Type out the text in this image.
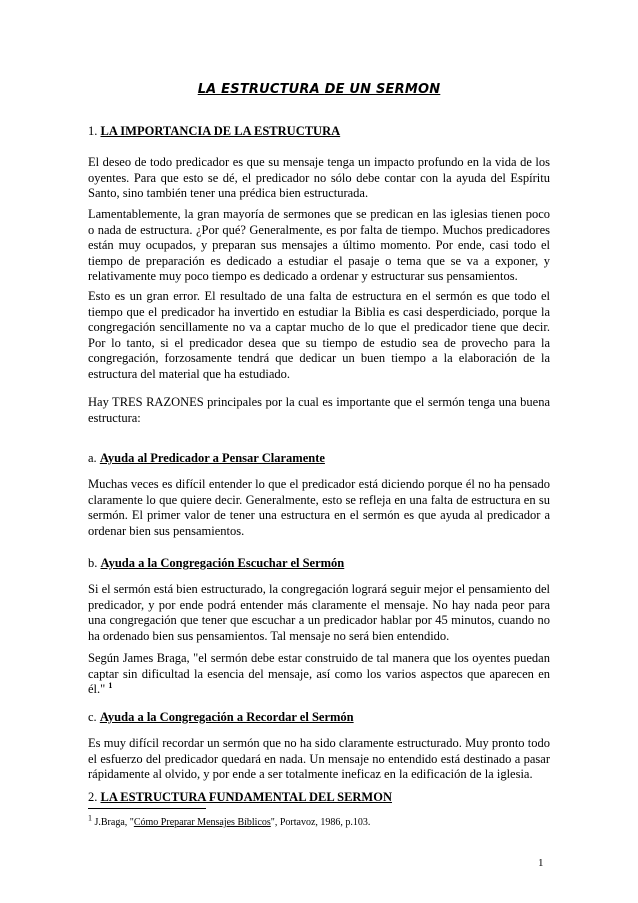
LA ESTRUCTURA DE UN SERMON
1. LA IMPORTANCIA DE LA ESTRUCTURA

El deseo de todo predicador es que su mensaje tenga un impacto profundo en la vida de los oyentes. Para que esto se dé, el predicador no sólo debe contar con la ayuda del Espíritu Santo, sino también tener una prédica bien estructurada.

Lamentablemente, la gran mayoría de sermones que se predican en las iglesias tienen poco o nada de estructura. ¿Por qué? Generalmente, es por falta de tiempo. Muchos predicadores están muy ocupados, y preparan sus mensajes a último momento. Por ende, casi todo el tiempo de preparación es dedicado a estudiar el pasaje o tema que se va a exponer, y relativamente muy poco tiempo es dedicado a ordenar y estructurar sus pensamientos.

Esto es un gran error. El resultado de una falta de estructura en el sermón es que todo el tiempo que el predicador ha invertido en estudiar la Biblia es casi desperdiciado, porque la congregación sencillamente no va a captar mucho de lo que el predicador tiene que decir. Por lo tanto, si el predicador desea que su tiempo de estudio sea de provecho para la congregación, forzosamente tendrá que dedicar un buen tiempo a la elaboración de la estructura del material que ha estudiado.

Hay TRES RAZONES principales por la cual es importante que el sermón tenga una buena estructura:

a. Ayuda al Predicador a Pensar Claramente

Muchas veces es difícil entender lo que el predicador está diciendo porque él no ha pensado claramente lo que quiere decir. Generalmente, esto se refleja en una falta de estructura en su sermón. El primer valor de tener una estructura en el sermón es que ayuda al predicador a ordenar bien sus pensamientos.

b. Ayuda a la Congregación Escuchar el Sermón

Si el sermón está bien estructurado, la congregación logrará seguir mejor el pensamiento del predicador, y por ende podrá entender más claramente el mensaje. No hay nada peor para una congregación que tener que escuchar a un predicador hablar por 45 minutos, cuando no ha ordenado bien sus pensamientos. Tal mensaje no será bien entendido.

Según James Braga, "el sermón debe estar construido de tal manera que los oyentes puedan captar sin dificultad la esencia del mensaje, así como los varios aspectos que aparecen en él." $^1$

c. Ayuda a la Congregación a Recordar el Sermón

Es muy difícil recordar un sermón que no ha sido claramente estructurado. Muy pronto todo el esfuerzo del predicador quedará en nada. Un mensaje no entendido está destinado a pasar rápidamente al olvido, y por ende a ser totalmente ineficaz en la edificación de la iglesia.

2. LA ESTRUCTURA FUNDAMENTAL DEL SERMON
$^1$ J.Braga, "Cómo Preparar Mensajes Bíblicos", Portavoz, 1986, p.103.
1
